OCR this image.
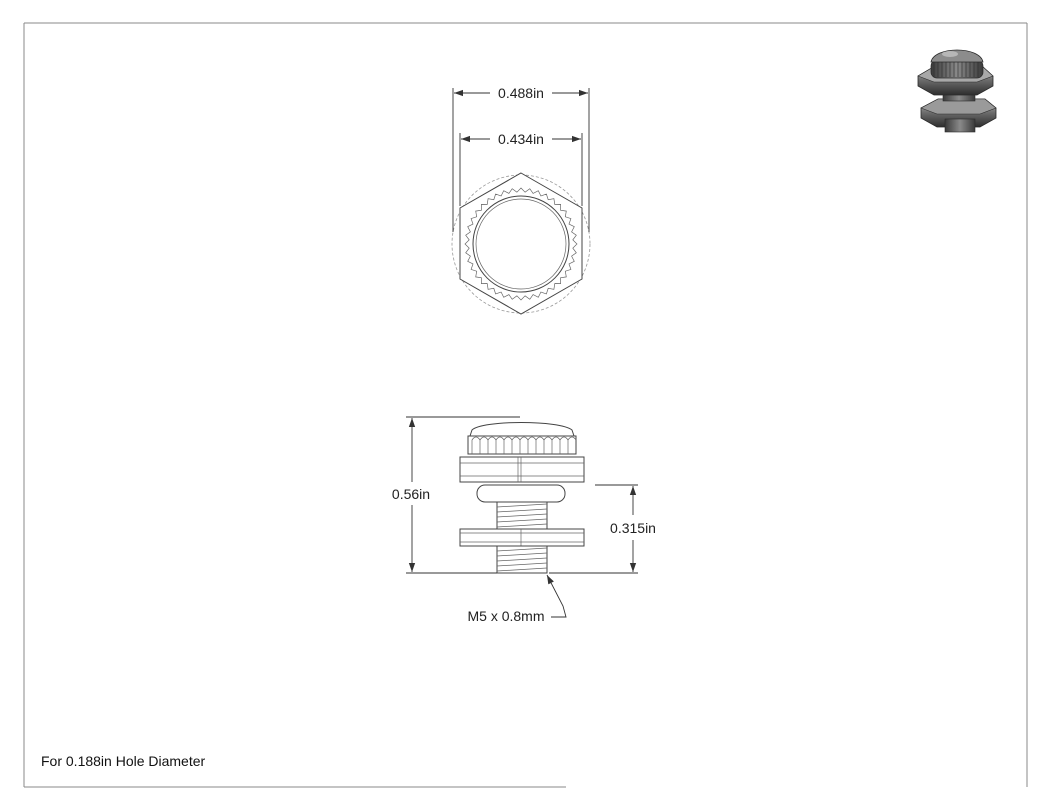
0.488in
0.434in
0.56in
0.315in
M5 x 0.8mm
For 0.188in Hole Diameter
